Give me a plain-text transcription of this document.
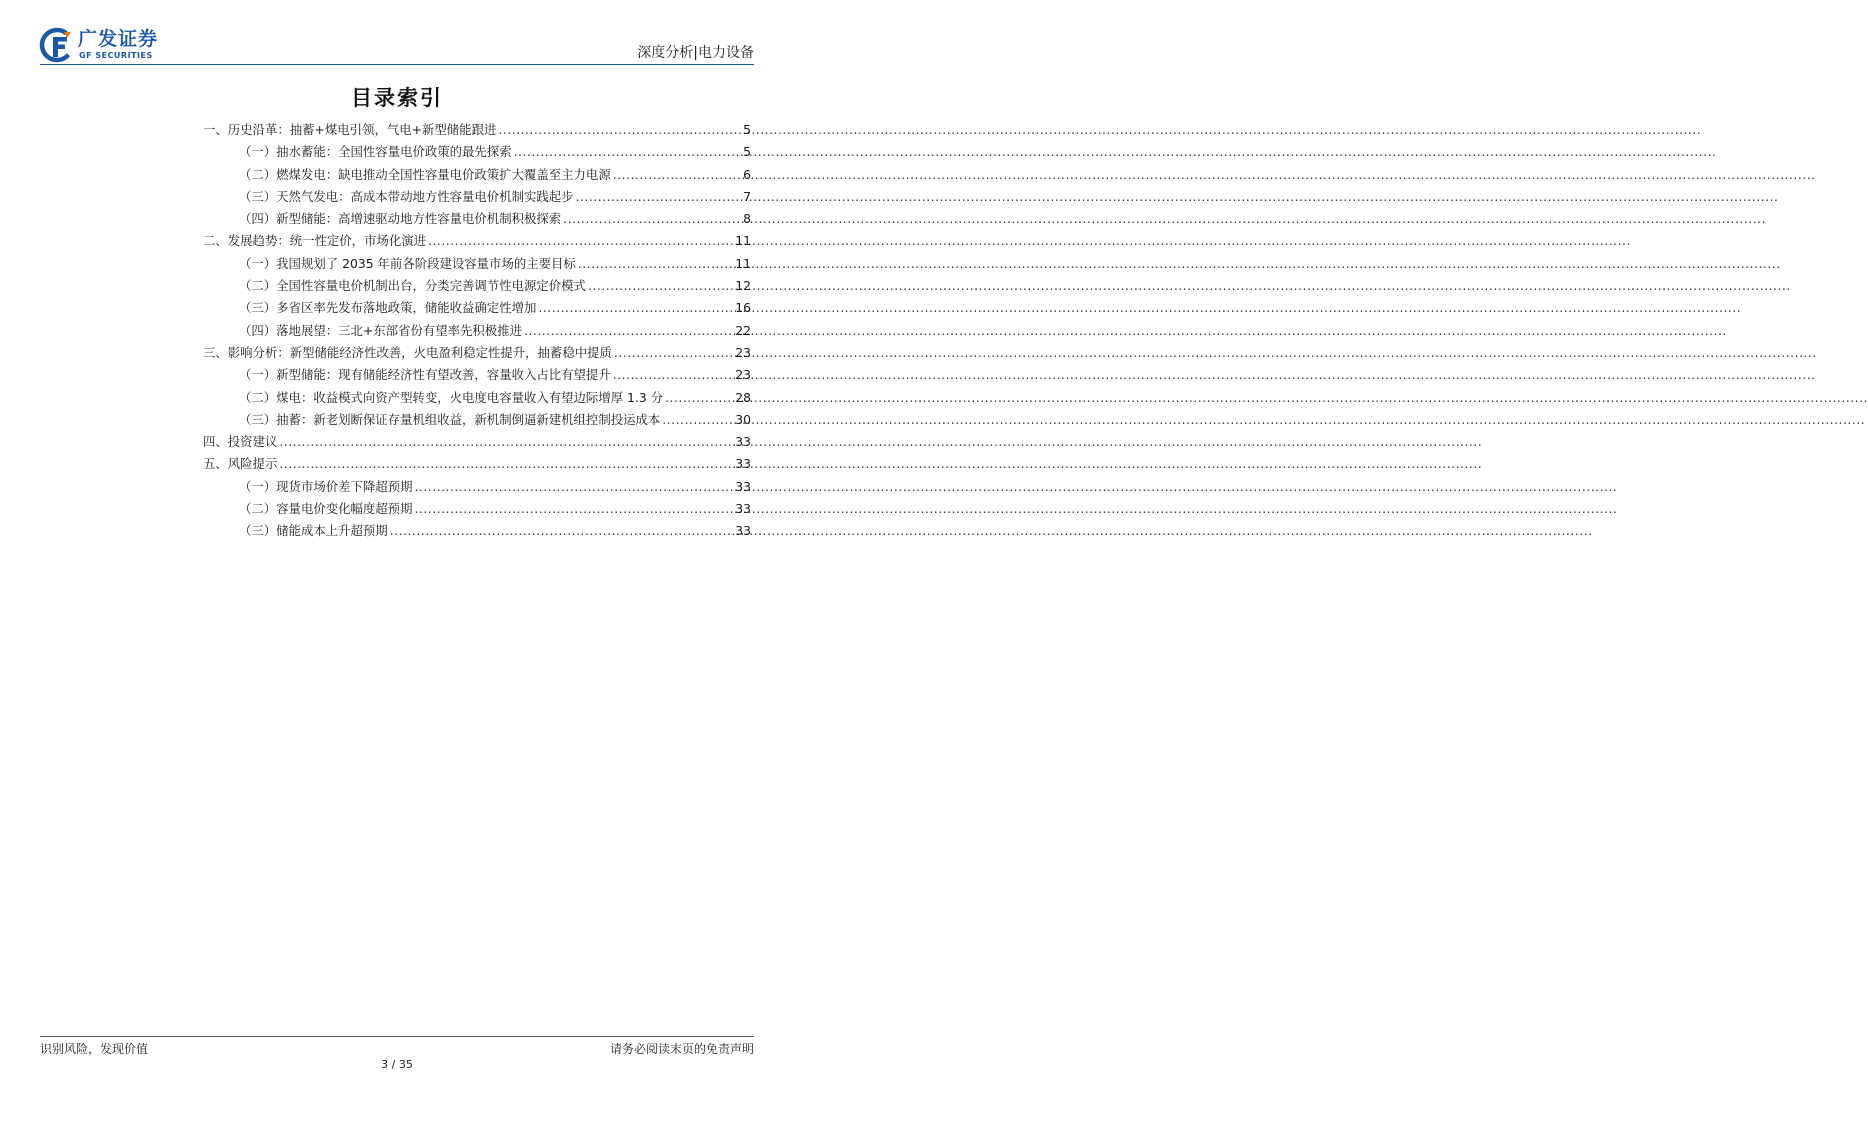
广发证券
GF SECURITIES	深度分析|电力设备
目录索引
一、历史沿革：抽蓄+煤电引领，气电+新型储能跟进 .....	5
（一）抽水蓄能：全国性容量电价政策的最先探索 .....	5
（二）燃煤发电：缺电推动全国性容量电价政策扩大覆盖至主力电源 .....	6
（三）天然气发电：高成本带动地方性容量电价机制实践起步 .....	7
（四）新型储能：高增速驱动地方性容量电价机制积极探索 .....	8
二、发展趋势：统一性定价，市场化演进 .....	11
（一）我国规划了 2035 年前各阶段建设容量市场的主要目标 .....	11
（二）全国性容量电价机制出台，分类完善调节性电源定价模式 .....	12
（三）多省区率先发布落地政策，储能收益确定性增加 .....	16
（四）落地展望：三北+东部省份有望率先积极推进 .....	22
三、影响分析：新型储能经济性改善，火电盈利稳定性提升，抽蓄稳中提质 .....	23
（一）新型储能：现有储能经济性有望改善，容量收入占比有望提升 .....	23
（二）煤电：收益模式向资产型转变，火电度电容量收入有望边际增厚 1.3 分 .....	28
（三）抽蓄：新老划断保证存量机组收益，新机制倒逼新建机组控制投运成本 .....	30
四、投资建议 .....	33
五、风险提示 .....	33
（一）现货市场价差下降超预期 .....	33
（二）容量电价变化幅度超预期 .....	33
（三）储能成本上升超预期 .....	33
识别风险，发现价值	请务必阅读末页的免责声明
3 / 35
